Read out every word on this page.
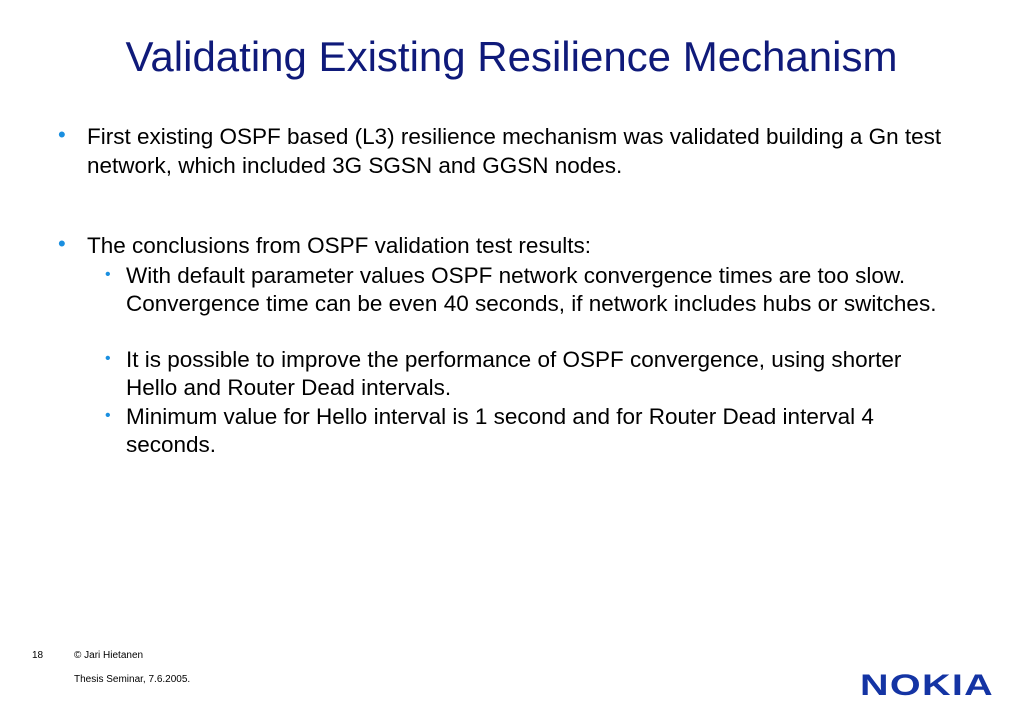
Validating Existing Resilience Mechanism
• First existing OSPF based (L3) resilience mechanism was validated building a Gn test network, which included 3G SGSN and GGSN nodes.
• The conclusions from OSPF validation test results:
• With default parameter values OSPF network convergence times are too slow. Convergence time can be even 40 seconds, if network includes hubs or switches.
• It is possible to improve the performance of OSPF convergence, using shorter Hello and Router Dead intervals.
• Minimum value for Hello interval is 1 second and for Router Dead interval 4 seconds.
18	© Jari Hietanen
Thesis Seminar, 7.6.2005.	NOKIA
